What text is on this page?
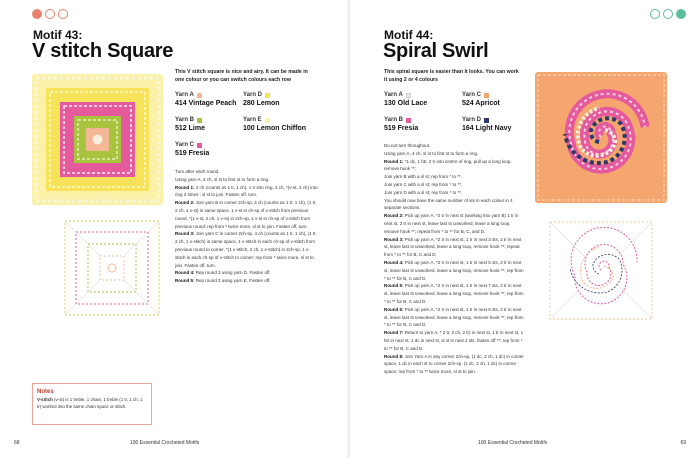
Motif 43:
V stitch Square
This V stitch square is nice and airy. It can be made in one colour or you can switch colours each row
Yarn A
414 Vintage Peach
Yarn D
280 Lemon
Yarn B
512 Lime
Yarn E
100 Lemon Chiffon
Yarn C
519 Fresia

Turn after each round.

Using yarn A, 4 ch, sl st to first st to form a ring.

Round 1: 4 ch (counts as 1 tr, 1 ch), 1 tr into ring, 2 ch, *(v-st, 2 ch) into ring 3 times ; sl st to join. Fasten off, turn.

Round 2: Join yarn B in corner 2ch-sp, 4 ch (counts as 1 tr, 1 ch), (1 tr, 2 ch, 1 v-st) in same space, 1 v-st in ch-sp of v-stitch from previous round, *(1 v-st, 2 ch, 1 v-st) in 2ch-sp, 1 v-st in ch-sp of v-stitch from previous round; rep from * twice more, sl st to join. Fasten off, turn.

Round 3: Join yarn C in corner 2ch-sp, 4 ch (counts as 1 tr, 1 ch), (1 tr, 2 ch, 1 v-stitch) in same space, 1 v-stitch in each ch-sp of v-stitch from previous round to corner, *(1 v-stitch, 2 ch, 1 v-stitch) in 2ch-sp, 1 v-stitch in each ch-sp of v-stitch to corner; rep from * twice more, sl st to join. Fasten off, turn.

Round 4: Rep round 3 using yarn D. Fasten off.

Round 5: Rep round 3 using yarn E. Fasten off.

Notes
V-stitch (v-st) is 1 treble, 1 chain, 1 treble (1 tr, 1 ch, 1 tr) worked into the same chain space or stitch.
68	100 Essential Crocheted Motifs
Motif 44:
Spiral Swirl
This spiral square is easier than it looks. You can work it using 2 or 4 colours
Yarn A
130 Old Lace
Yarn C
524 Apricot
Yarn B
519 Fresia
Yarn D
164 Light Navy

Do not turn throughout.

Using yarn A, 4 ch, sl st to first st to form a ring.

Round 1: *1 dc, 1 htr, 2 tr into centre of ring, pull up a long loop, remove hook **;

Join yarn B with a sl st; rep from * to **.

Join yarn C with a sl st; rep from * to **.

Join yarn D with a sl st; rep from * to **.

You should now have the same number of sts in each colour in 4 separate sections.

Round 2: Pick up yarn A, *2 tr in next st (working into yarn B) 1 tr in next st, 2 tr in next st, leave last st unworked, leave a long loop, remove hook **; repeat from * to ** for B, C, and D.

Round 3: Pick up yarn A, *2 tr in next st, 1 tr in next 3 sts, 2 tr in next st, leave last st unworked, leave a long loop, remove hook **; repeat from * to ** for B, C and D.

Round 4: Pick up yarn A, *2 tr in next st, 1 tr in next 5 sts, 2 tr in next st, leave last st unworked, leave a long loop, remove hook **; rep from * to ** for B, C and D.

Round 5: Pick up yarn A, *2 tr in next st, 1 tr in next 7 sts, 2 tr in next st, leave last st unworked, leave a long loop, remove hook **; rep from * to ** for B, C and D.

Round 6: Pick up yarn A, *2 tr in next st, 1 tr in next 9 sts, 2 tr in next st, leave last st unworked, leave a long loop, remove hook **; rep from * to ** for B, C and D.

Round 7: Return to yarn A, * 2 tr, 2 ch, 2 tr) in next st, 1 tr in next st, 1 htr in next st, 1 dc in next st, sl st in next 2 sts, fasten off **; rep from * to ** for B, C and D.

Round 8: Join Yarn A in any corner 2ch-sp, (1 dc, 2 ch, 1 dc) in corner space, 1 dc in each st to corner 2ch-sp, (1 dc, 2 ch, 1 dc) in corner space; rep from * to ** twice more, sl st to join.

100 Essential Crocheted Motifs	69
